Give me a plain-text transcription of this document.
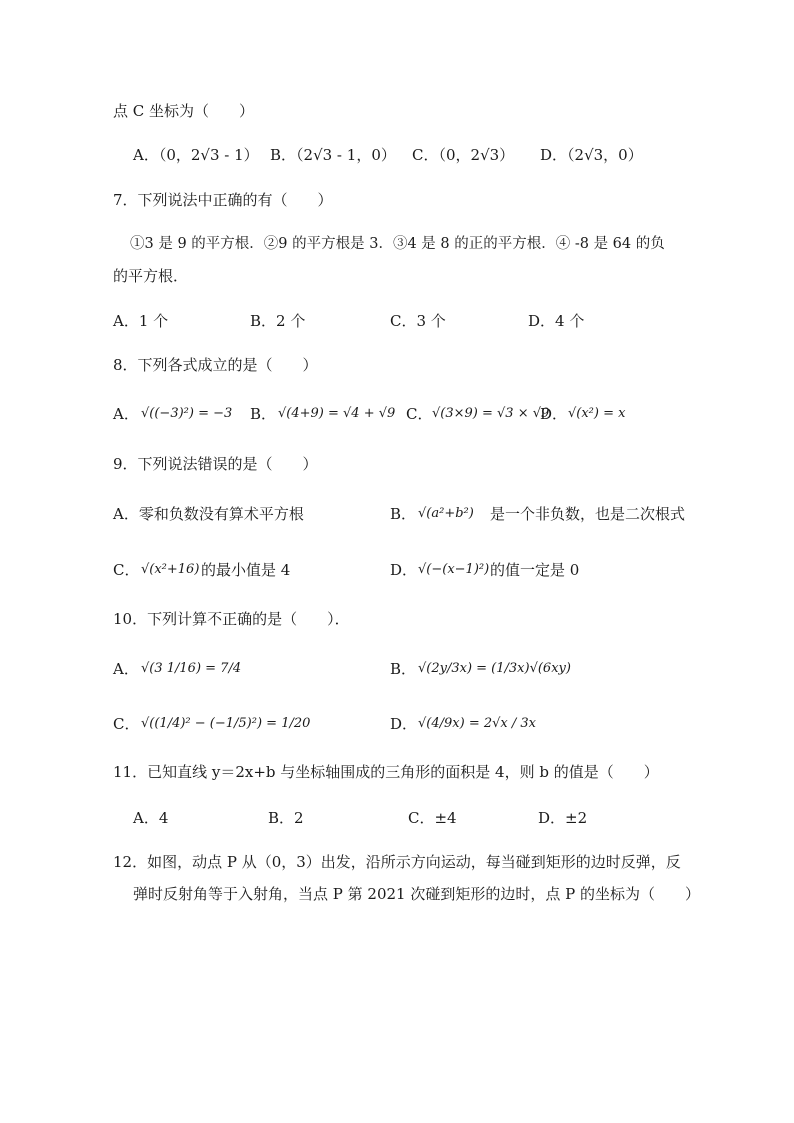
点 C 坐标为（　　）
A．（0，2√3 - 1） B．（2√3 - 1，0） C．（0，2√3） D．（2√3，0）
7．下列说法中正确的有（　　）
①3 是 9 的平方根．②9 的平方根是 3．③4 是 8 的正的平方根．④ -8 是 64 的负
的平方根．
A．1 个	B．2 个	C．3 个	D．4 个
8．下列各式成立的是（　　）
A． √((−3)²) = −3 B． √(4+9) = √4 + √9 C． √(3×9) = √3 × √9
D． √(x²) = x
9．下列说法错误的是（　　）
A．零和负数没有算术平方根	B． √(a²+b²) 是一个非负数，也是二次根式
C． √(x²+16) 的最小值是 4	D． √(−(x−1)²) 的值一定是 0
10．下列计算不正确的是（　　）．
A． √(3 1/16) = 7/4	B． √(2y/3x) = (1/3x)√(6xy)
C． √((1/4)² − (−1/5)²) = 1/20	D． √(4/9x) = 2√x / 3x
11．已知直线 y＝2x+b 与坐标轴围成的三角形的面积是 4，则 b 的值是（　　）
A．4	B．2	C．±4	D．±2
12．如图，动点 P 从（0，3）出发，沿所示方向运动，每当碰到矩形的边时反弹，反
弹时反射角等于入射角，当点 P 第 2021 次碰到矩形的边时，点 P 的坐标为（　　）
